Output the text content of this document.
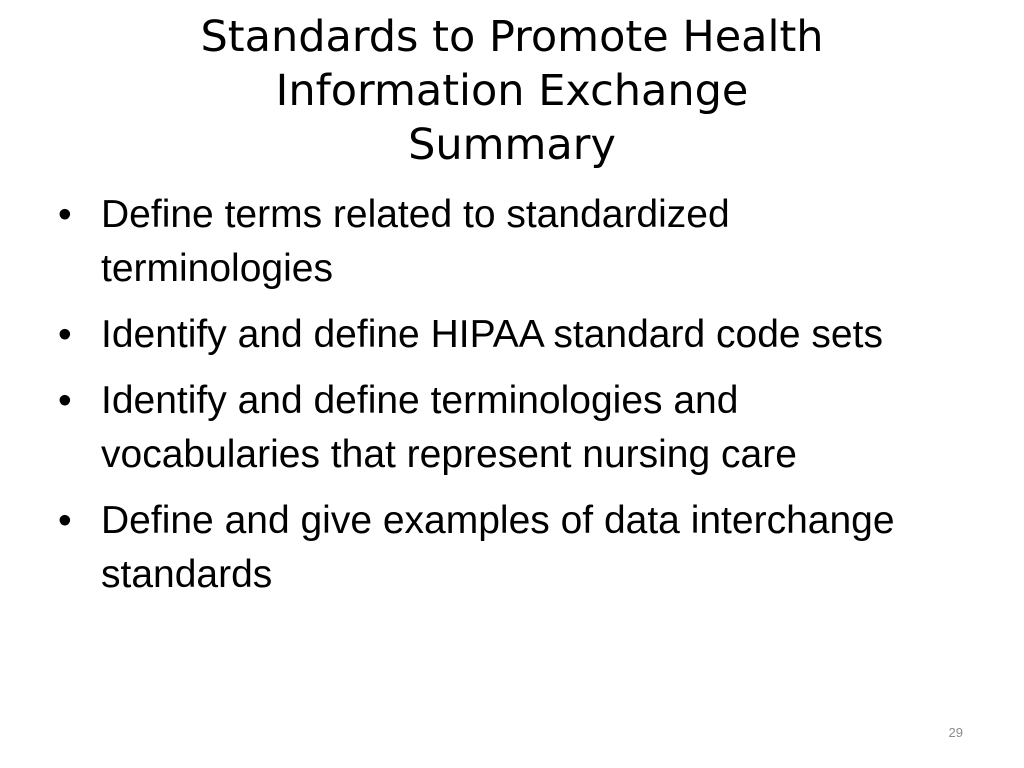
Standards to Promote Health
Information Exchange
Summary
• Define terms related to standardized terminologies
• Identify and define HIPAA standard code sets
• Identify and define terminologies and vocabularies that represent nursing care
• Define and give examples of data interchange standards
29
